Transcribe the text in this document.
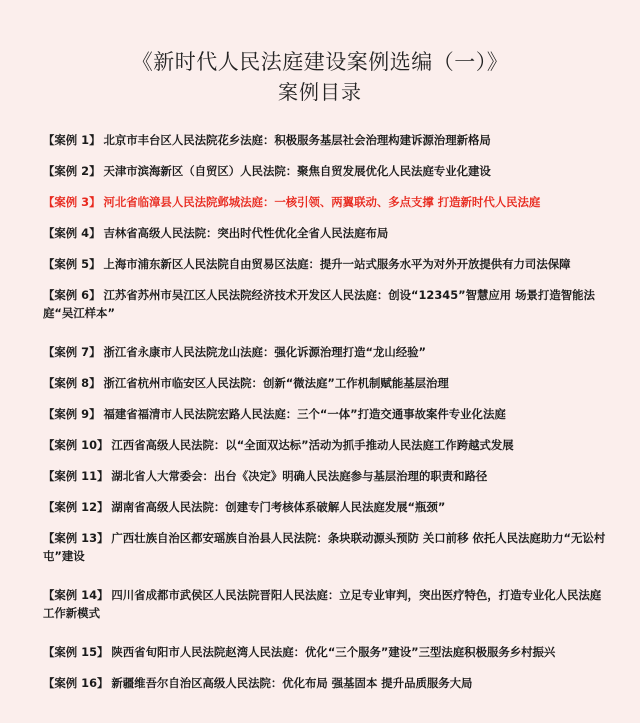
《新时代人民法庭建设案例选编（一）》
案例目录
【案例 1】 北京市丰台区人民法院花乡法庭：积极服务基层社会治理构建诉源治理新格局
【案例 2】 天津市滨海新区（自贸区）人民法院：聚焦自贸发展优化人民法庭专业化建设
【案例 3】 河北省临漳县人民法院邺城法庭：一核引领、两翼联动、多点支撑 打造新时代人民法庭
【案例 4】 吉林省高级人民法院：突出时代性优化全省人民法庭布局
【案例 5】 上海市浦东新区人民法院自由贸易区法庭：提升一站式服务水平为对外开放提供有力司法保障
【案例 6】 江苏省苏州市吴江区人民法院经济技术开发区人民法庭：创设“12345”智慧应用 场景打造智能法庭“吴江样本”
【案例 7】 浙江省永康市人民法院龙山法庭：强化诉源治理打造“龙山经验”
【案例 8】 浙江省杭州市临安区人民法院：创新“微法庭”工作机制赋能基层治理
【案例 9】 福建省福清市人民法院宏路人民法庭：三个“一体”打造交通事故案件专业化法庭
【案例 10】 江西省高级人民法院：以“全面双达标”活动为抓手推动人民法庭工作跨越式发展
【案例 11】 湖北省人大常委会：出台《决定》明确人民法庭参与基层治理的职责和路径
【案例 12】 湖南省高级人民法院：创建专门考核体系破解人民法庭发展“瓶颈”
【案例 13】 广西壮族自治区都安瑶族自治县人民法院：条块联动源头预防 关口前移 依托人民法庭助力“无讼村屯”建设
【案例 14】 四川省成都市武侯区人民法院晋阳人民法庭：立足专业审判，突出医疗特色，打造专业化人民法庭工作新模式
【案例 15】 陕西省旬阳市人民法院赵湾人民法庭：优化“三个服务”建设”三型法庭积极服务乡村振兴
【案例 16】 新疆维吾尔自治区高级人民法院：优化布局 强基固本 提升品质服务大局
